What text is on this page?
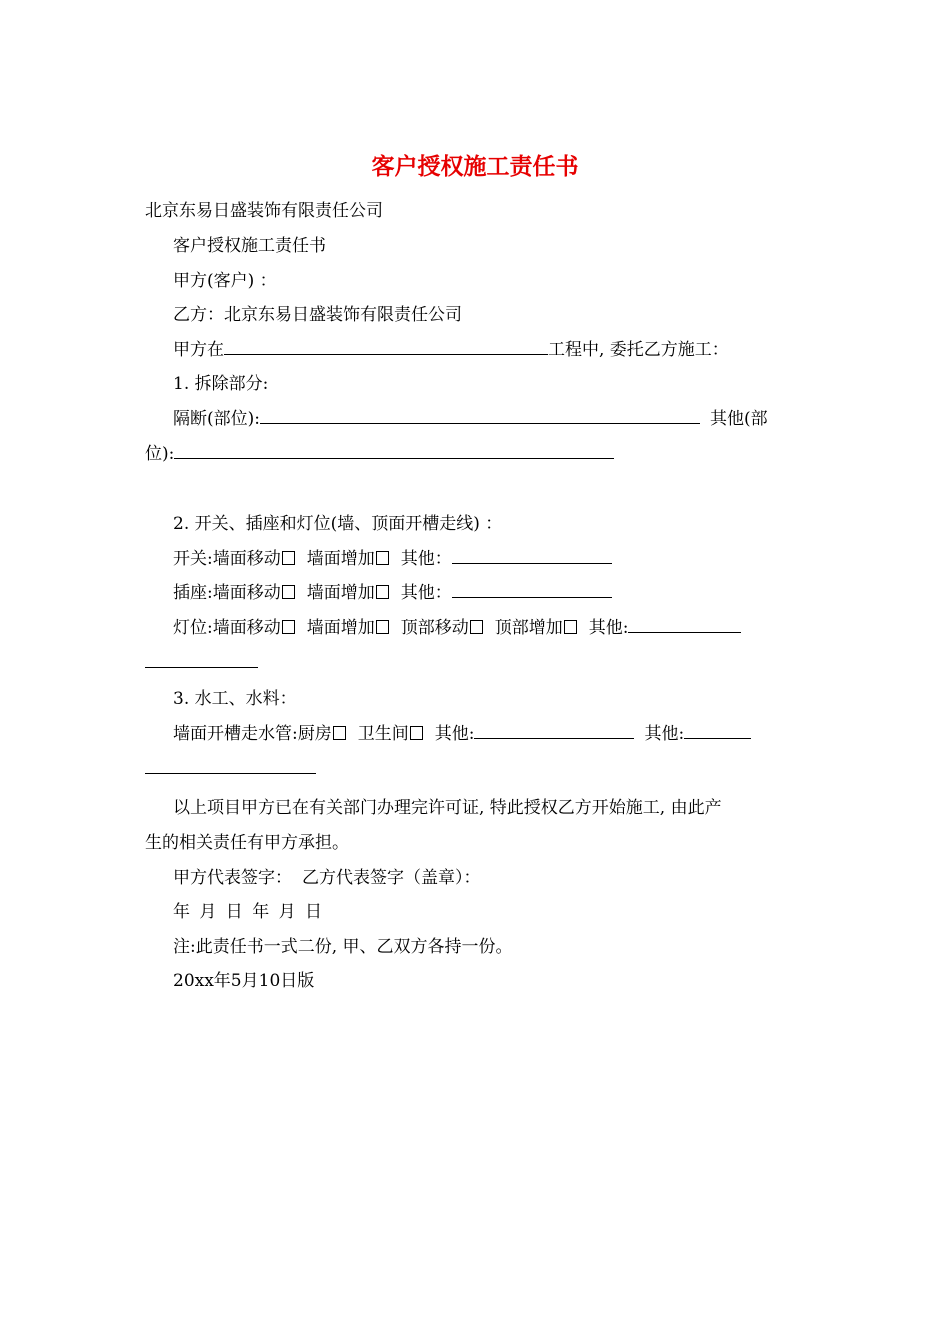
客户授权施工责任书
北京东易日盛装饰有限责任公司
客户授权施工责任书
甲方(客户) ：
乙方：北京东易日盛装饰有限责任公司
甲方在	工程中, 委托乙方施工：
1. 拆除部分:
隔断(部位):	其他(部
位):
2. 开关、插座和灯位(墙、顶面开槽走线) ：
开关:墙面移动 墙面增加 其他：
插座:墙面移动 墙面增加 其他：
灯位:墙面移动 墙面增加 顶部移动 顶部增加 其他:
3. 水工、水料：
墙面开槽走水管:厨房 卫生间 其他:	其他:
以上项目甲方已在有关部门办理完许可证, 特此授权乙方开始施工, 由此产
生的相关责任有甲方承担。
甲方代表签字： 乙方代表签字（盖章）：
年 月 日 年 月 日
注:此责任书一式二份, 甲、乙双方各持一份。
20xx年5月10日版
